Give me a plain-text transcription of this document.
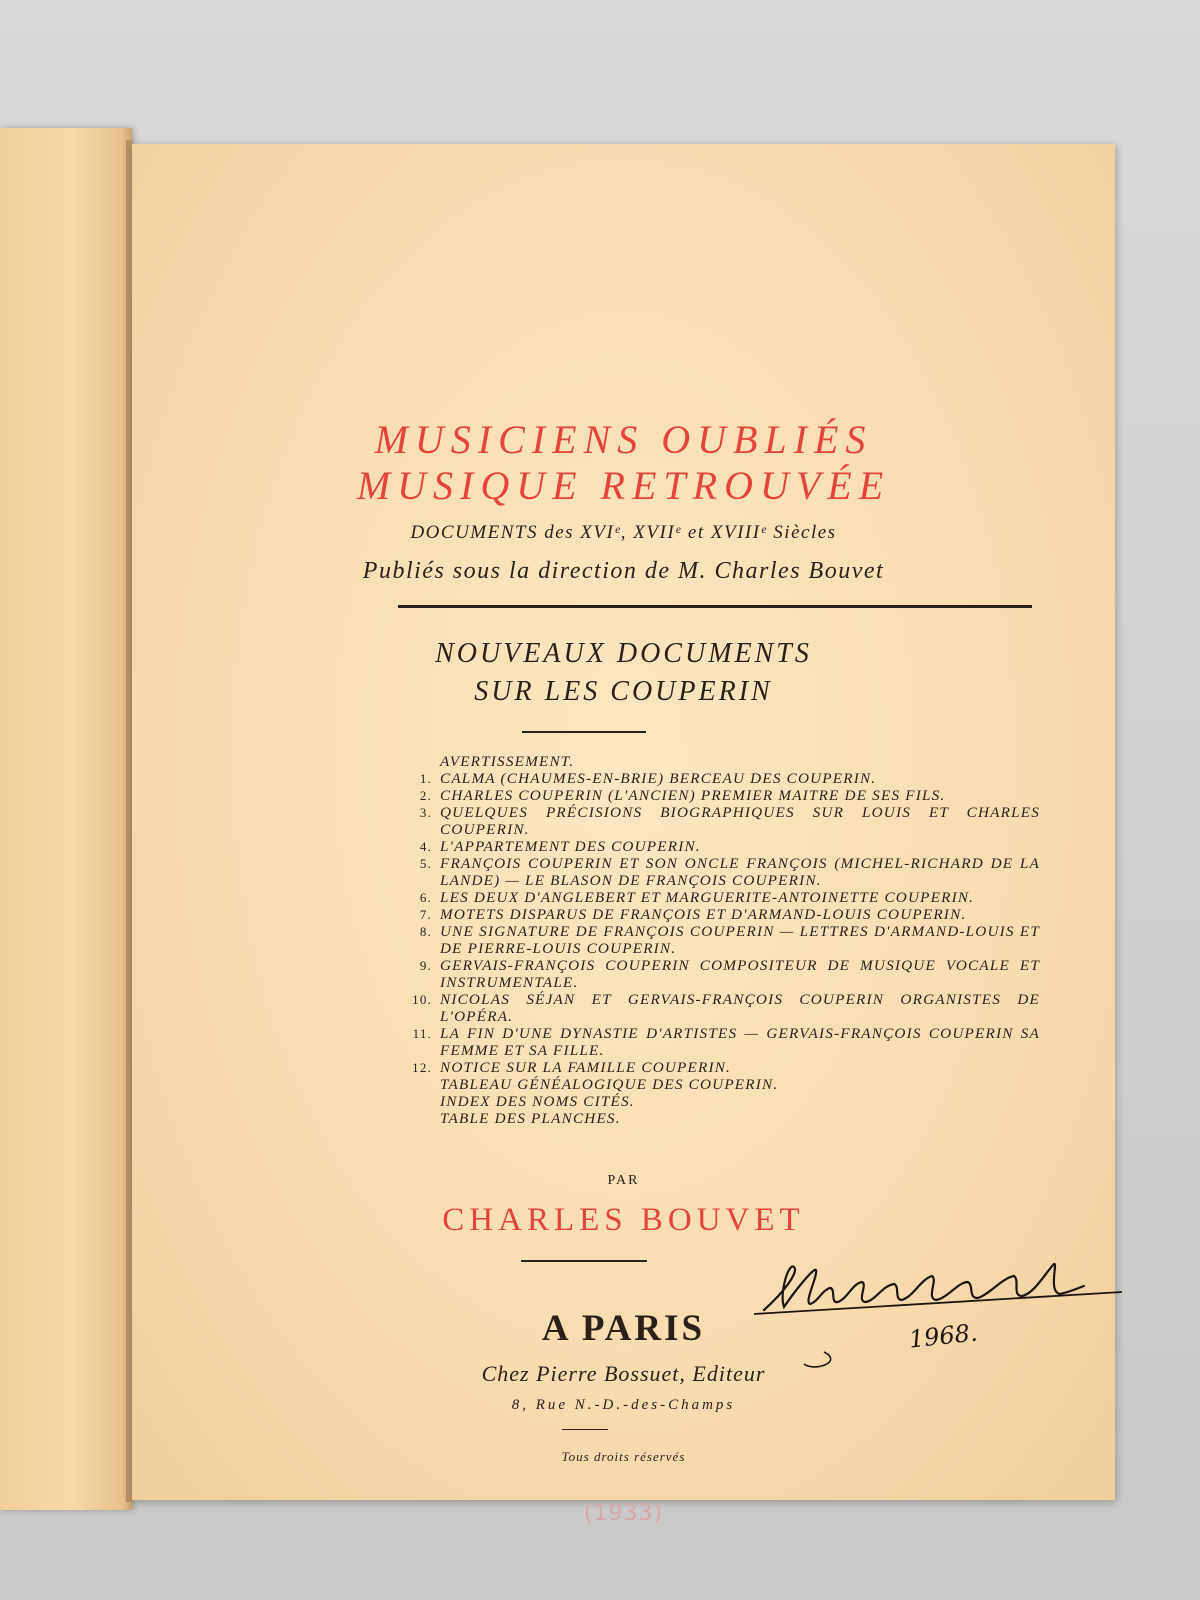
MUSICIENS OUBLIÉS
MUSIQUE RETROUVÉE
DOCUMENTS des XVIᵉ, XVIIᵉ et XVIIIᵉ Siècles
Publiés sous la direction de M. Charles Bouvet
NOUVEAUX DOCUMENTS
SUR LES COUPERIN
AVERTISSEMENT.
1. CALMA (CHAUMES-EN-BRIE) BERCEAU DES COUPERIN.
2. CHARLES COUPERIN (L'ANCIEN) PREMIER MAITRE DE SES FILS.
3. QUELQUES PRÉCISIONS BIOGRAPHIQUES SUR LOUIS ET CHARLES COUPERIN.
4. L'APPARTEMENT DES COUPERIN.
5. FRANÇOIS COUPERIN ET SON ONCLE FRANÇOIS (MICHEL-RICHARD DE LA LANDE) — LE BLASON DE FRANÇOIS COUPERIN.
6. LES DEUX D'ANGLEBERT ET MARGUERITE-ANTOINETTE COUPERIN.
7. MOTETS DISPARUS DE FRANÇOIS ET D'ARMAND-LOUIS COUPERIN.
8. UNE SIGNATURE DE FRANÇOIS COUPERIN — LETTRES D'ARMAND-LOUIS ET DE PIERRE-LOUIS COUPERIN.
9. GERVAIS-FRANÇOIS COUPERIN COMPOSITEUR DE MUSIQUE VOCALE ET INSTRUMENTALE.
10. NICOLAS SÉJAN ET GERVAIS-FRANÇOIS COUPERIN ORGANISTES DE L'OPÉRA.
11. LA FIN D'UNE DYNASTIE D'ARTISTES — GERVAIS-FRANÇOIS COUPERIN SA FEMME ET SA FILLE.
12. NOTICE SUR LA FAMILLE COUPERIN.
TABLEAU GÉNÉALOGIQUE DES COUPERIN.
INDEX DES NOMS CITÉS.
TABLE DES PLANCHES.
PAR
CHARLES BOUVET
A PARIS
Chez Pierre Bossuet, Editeur
8, Rue N.-D.-des-Champs
Tous droits réservés
(1933)
1968.
